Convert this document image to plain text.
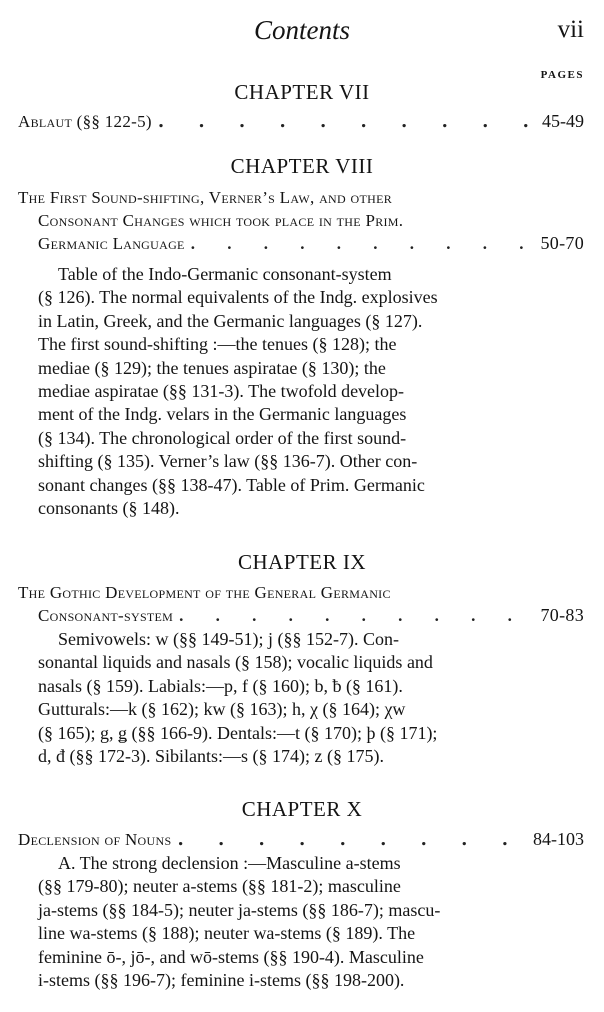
Contents	vii
PAGES
CHAPTER VII
Ablaut (§§ 122-5) . . .	45-49
CHAPTER VIII
The First Sound-shifting, Verner’s Law, and other
Consonant Changes which took place in the Prim.
Germanic Language . . .	50-70
Table of the Indo-Germanic consonant-system
(§ 126). The normal equivalents of the Indg. explosives
in Latin, Greek, and the Germanic languages (§ 127).
The first sound-shifting :—the tenues (§ 128); the
mediae (§ 129); the tenues aspiratae (§ 130); the
mediae aspiratae (§§ 131-3). The twofold develop-
ment of the Indg. velars in the Germanic languages
(§ 134). The chronological order of the first sound-
shifting (§ 135). Verner’s law (§§ 136-7). Other con-
sonant changes (§§ 138-47). Table of Prim. Germanic
consonants (§ 148).
CHAPTER IX
The Gothic Development of the General Germanic
Consonant-system . . .	70-83
Semivowels: w (§§ 149-51); j (§§ 152-7). Con-
sonantal liquids and nasals (§ 158); vocalic liquids and
nasals (§ 159). Labials:—p, f (§ 160); b, ƀ (§ 161).
Gutturals:—k (§ 162); kw (§ 163); h, χ (§ 164); χw
(§ 165); g, ǥ (§§ 166-9). Dentals:—t (§ 170); þ (§ 171);
d, đ (§§ 172-3). Sibilants:—s (§ 174); z (§ 175).
CHAPTER X
Declension of Nouns . . .	84-103
A. The strong declension :—Masculine a-stems
(§§ 179-80); neuter a-stems (§§ 181-2); masculine
ja-stems (§§ 184-5); neuter ja-stems (§§ 186-7); mascu-
line wa-stems (§ 188); neuter wa-stems (§ 189). The
feminine ō-, jō-, and wō-stems (§§ 190-4). Masculine
i-stems (§§ 196-7); feminine i-stems (§§ 198-200).
